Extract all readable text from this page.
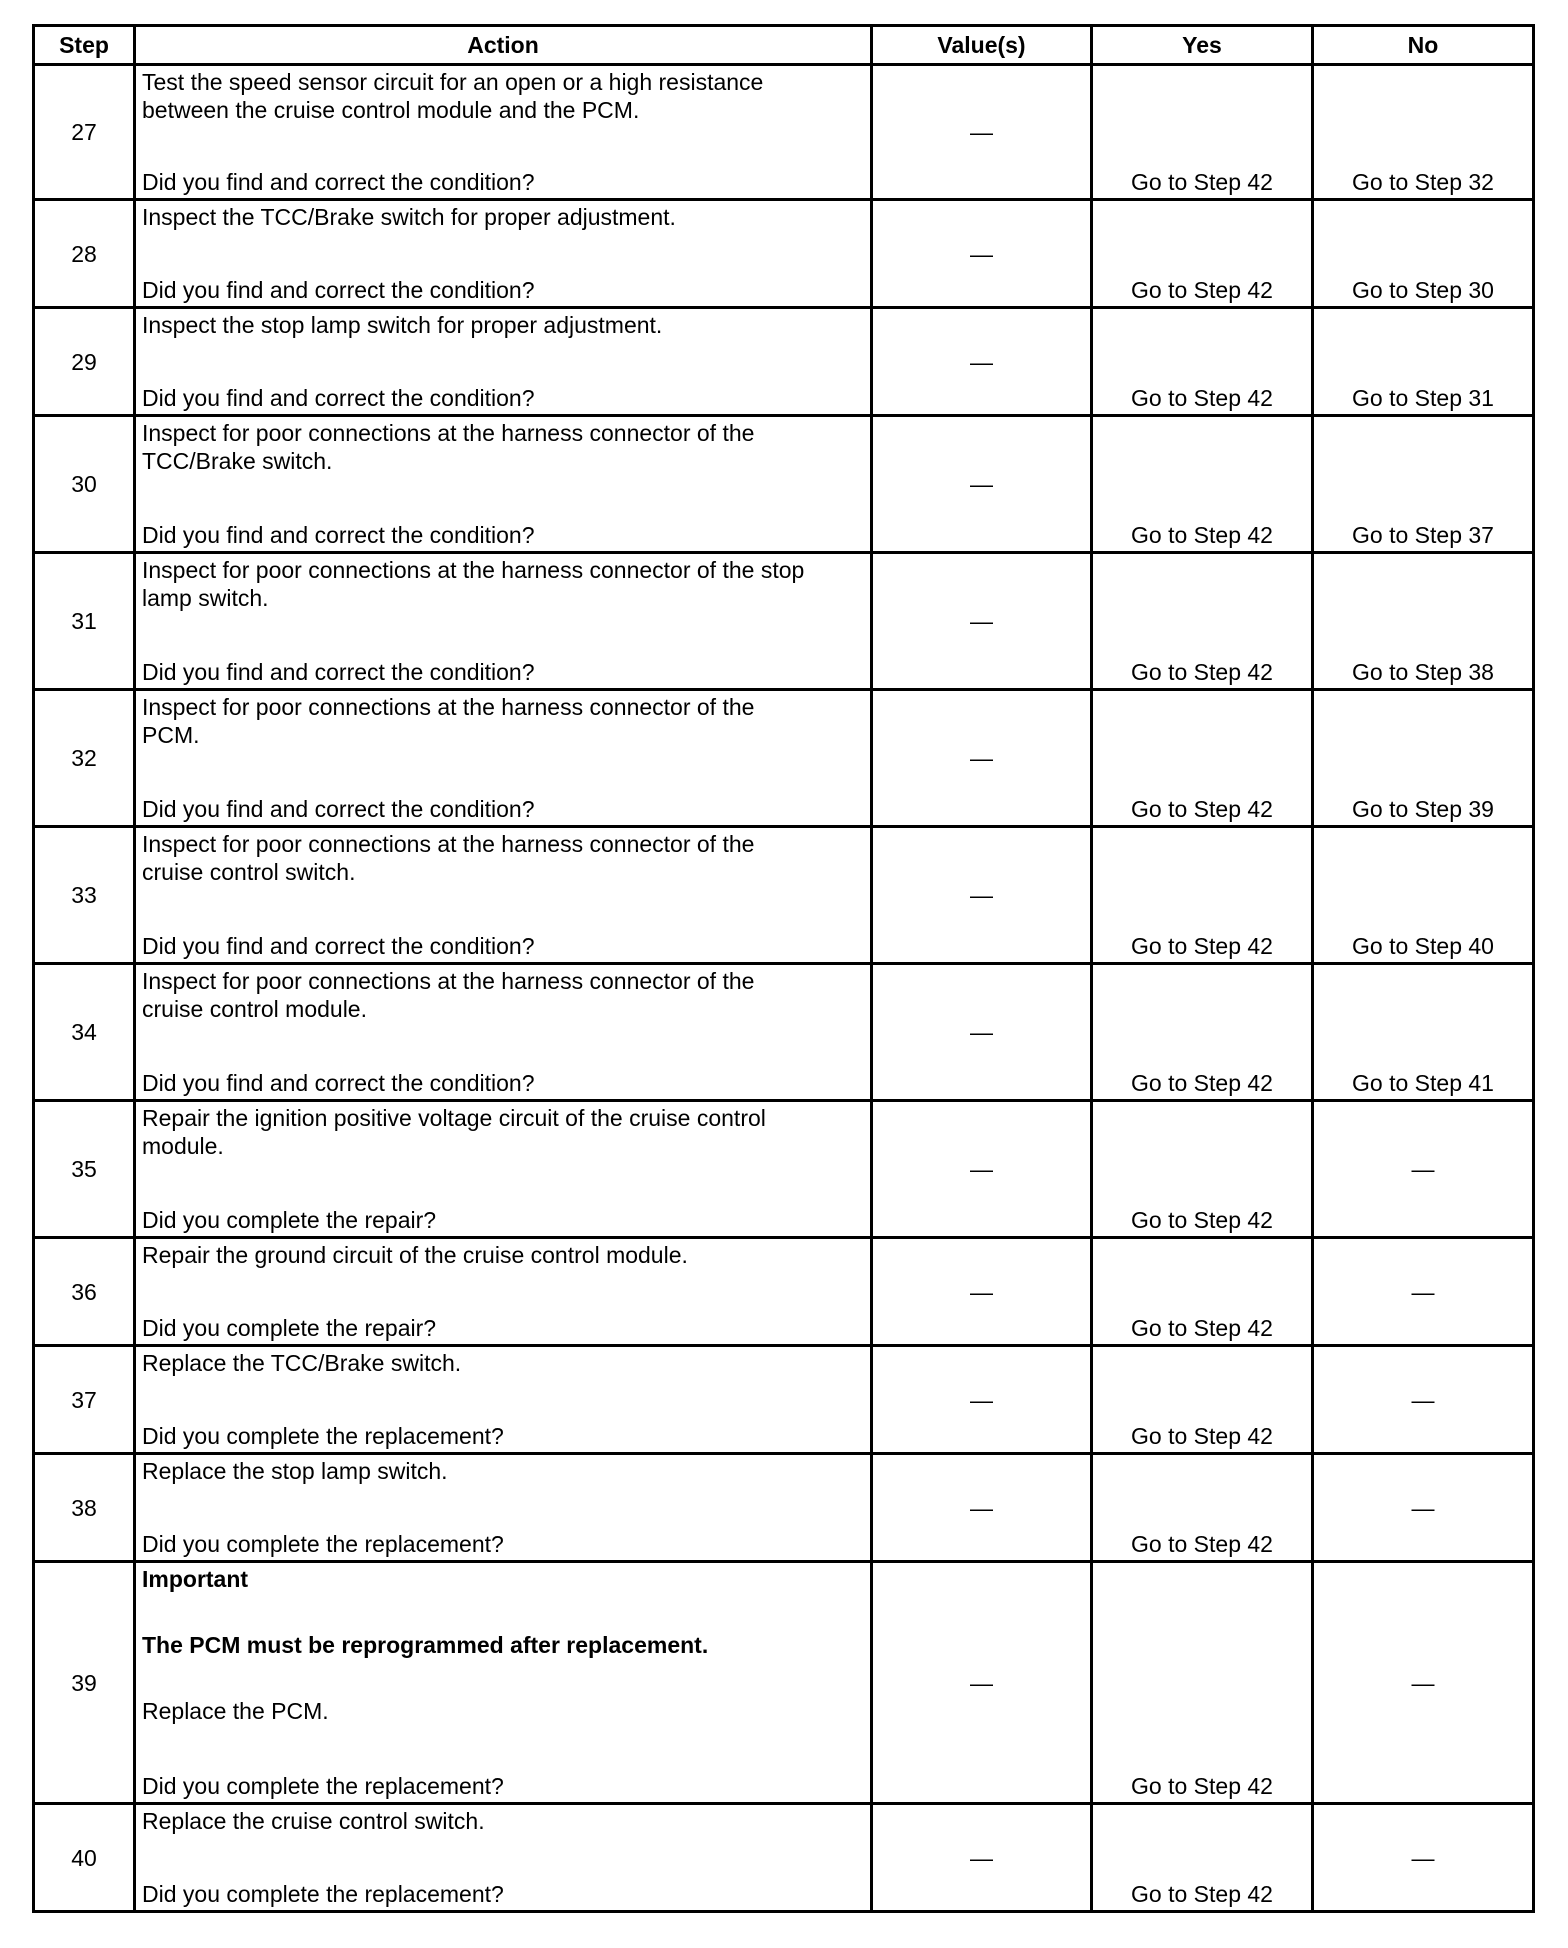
Step	Action	Value(s)	Yes	No
27	Test the speed sensor circuit for an open or a high resistance
between the cruise control module and the PCM.
Did you find and correct the condition?	—	Go to Step 42	Go to Step 32
28	Inspect the TCC/Brake switch for proper adjustment.
Did you find and correct the condition?	—	Go to Step 42	Go to Step 30
29	Inspect the stop lamp switch for proper adjustment.
Did you find and correct the condition?	—	Go to Step 42	Go to Step 31
30	Inspect for poor connections at the harness connector of the
TCC/Brake switch.
Did you find and correct the condition?	—	Go to Step 42	Go to Step 37
31	Inspect for poor connections at the harness connector of the stop
lamp switch.
Did you find and correct the condition?	—	Go to Step 42	Go to Step 38
32	Inspect for poor connections at the harness connector of the
PCM.
Did you find and correct the condition?	—	Go to Step 42	Go to Step 39
33	Inspect for poor connections at the harness connector of the
cruise control switch.
Did you find and correct the condition?	—	Go to Step 42	Go to Step 40
34	Inspect for poor connections at the harness connector of the
cruise control module.
Did you find and correct the condition?	—	Go to Step 42	Go to Step 41
35	Repair the ignition positive voltage circuit of the cruise control
module.
Did you complete the repair?	—	Go to Step 42	—
36	Repair the ground circuit of the cruise control module.
Did you complete the repair?	—	Go to Step 42	—
37	Replace the TCC/Brake switch.
Did you complete the replacement?	—	Go to Step 42	—
38	Replace the stop lamp switch.
Did you complete the replacement?	—	Go to Step 42	—
39	Important
The PCM must be reprogrammed after replacement.
Replace the PCM.
Did you complete the replacement?	—	Go to Step 42	—
40	Replace the cruise control switch.
Did you complete the replacement?	—	Go to Step 42	—
